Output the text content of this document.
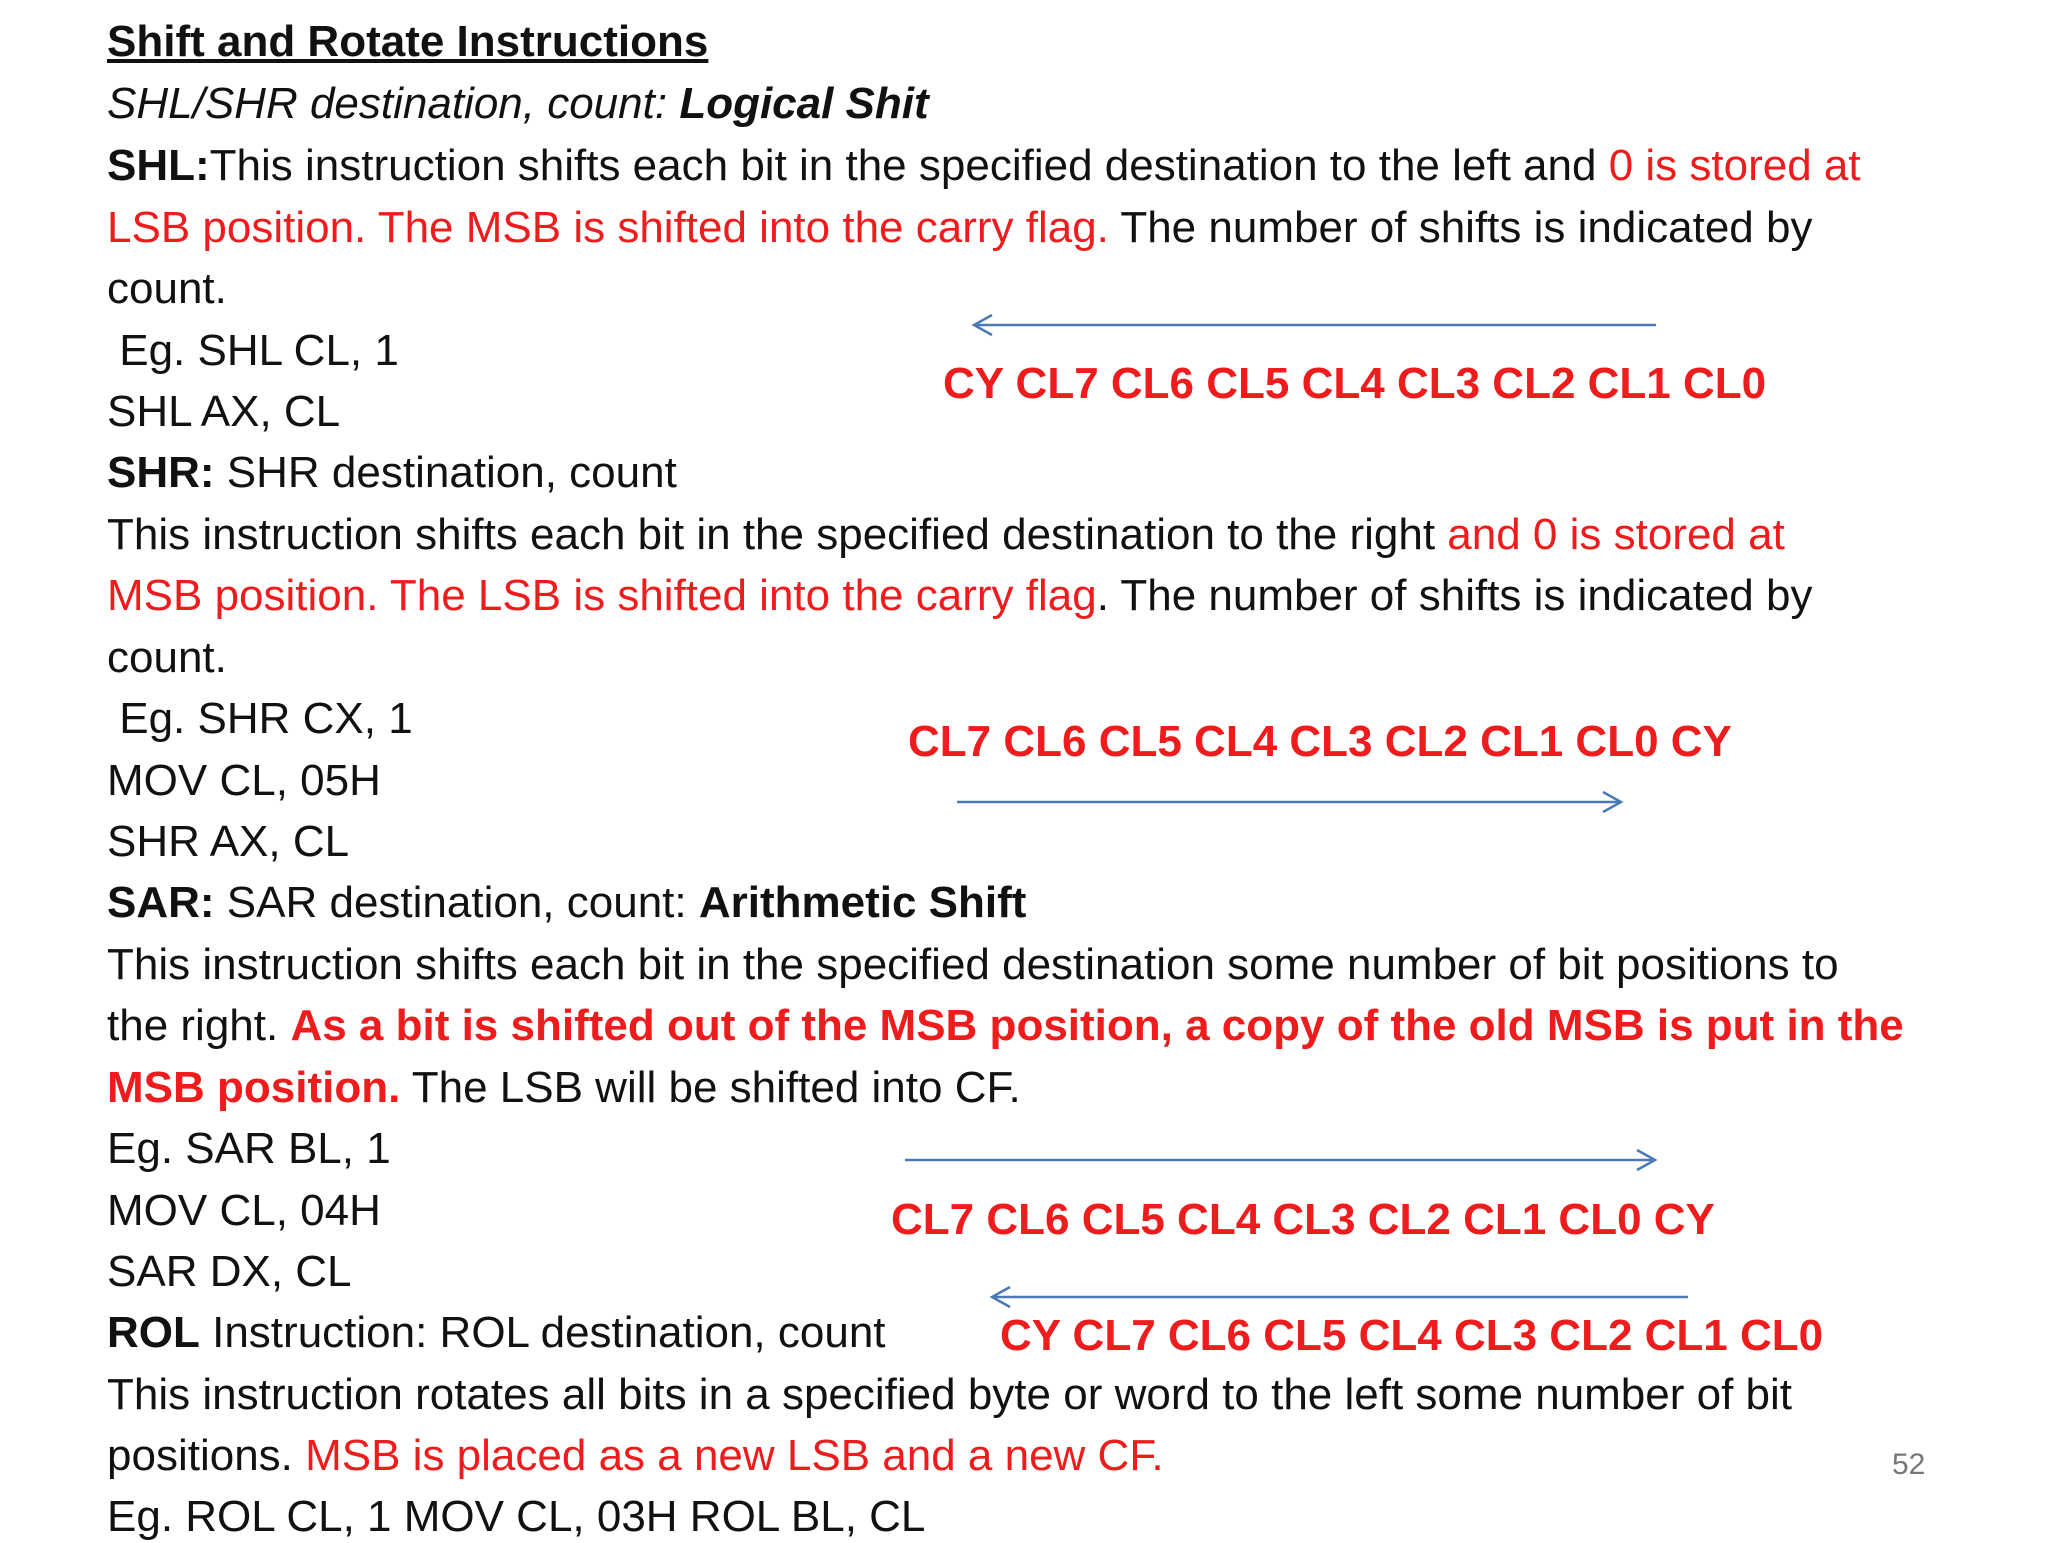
Shift and Rotate Instructions
SHL/SHR destination, count: Logical Shit
SHL:This instruction shifts each bit in the specified destination to the left and 0 is stored at
LSB position. The MSB is shifted into the carry flag. The number of shifts is indicated by
count.
Eg. SHL CL, 1
SHL AX, CL
CY CL7 CL6 CL5 CL4 CL3 CL2 CL1 CL0
SHR: SHR destination, count
This instruction shifts each bit in the specified destination to the right and 0 is stored at
MSB position. The LSB is shifted into the carry flag. The number of shifts is indicated by
count.
Eg. SHR CX, 1
MOV CL, 05H
SHR AX, CL
CL7 CL6 CL5 CL4 CL3 CL2 CL1 CL0 CY
SAR: SAR destination, count: Arithmetic Shift
This instruction shifts each bit in the specified destination some number of bit positions to
the right. As a bit is shifted out of the MSB position, a copy of the old MSB is put in the
MSB position. The LSB will be shifted into CF.
Eg. SAR BL, 1
MOV CL, 04H
SAR DX, CL
CL7 CL6 CL5 CL4 CL3 CL2 CL1 CL0 CY
CY CL7 CL6 CL5 CL4 CL3 CL2 CL1 CL0
ROL Instruction: ROL destination, count
This instruction rotates all bits in a specified byte or word to the left some number of bit
positions. MSB is placed as a new LSB and a new CF.
Eg. ROL CL, 1 MOV CL, 03H ROL BL, CL
52
